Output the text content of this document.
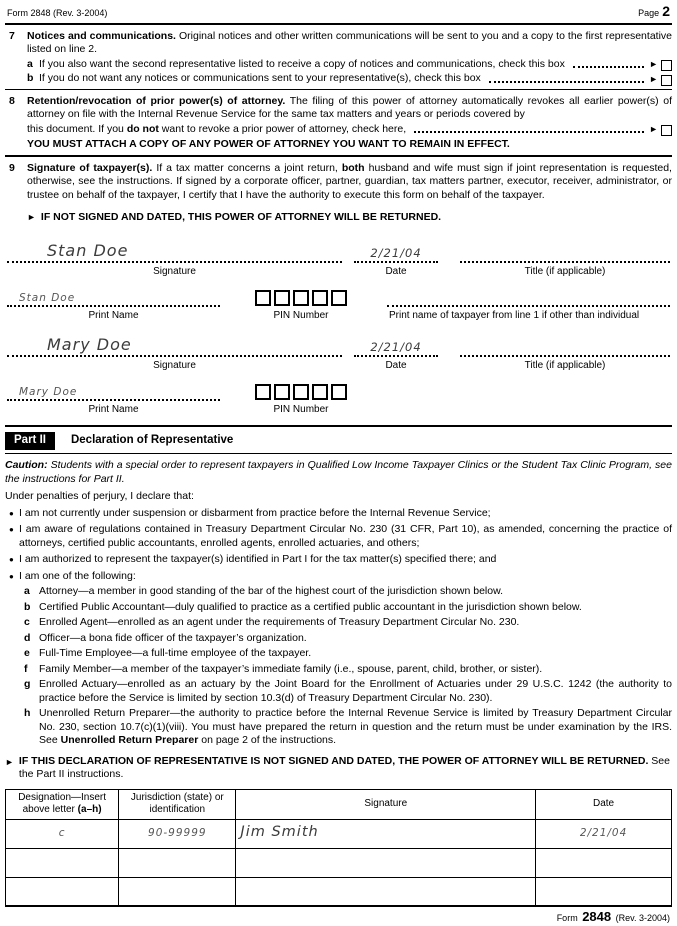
Form 2848 (Rev. 3-2004)	Page 2
7	Notices and communications. Original notices and other written communications will be sent to you and a copy to the first representative listed on line 2.
a If you also want the second representative listed to receive a copy of notices and communications, check this box	►
b If you do not want any notices or communications sent to your representative(s), check this box	►
8	Retention/revocation of prior power(s) of attorney. The filing of this power of attorney automatically revokes all earlier power(s) of attorney on file with the Internal Revenue Service for the same tax matters and years or periods covered by
this document. If you do not want to revoke a prior power of attorney, check here,	►
YOU MUST ATTACH A COPY OF ANY POWER OF ATTORNEY YOU WANT TO REMAIN IN EFFECT.
9	Signature of taxpayer(s). If a tax matter concerns a joint return, both husband and wife must sign if joint representation is requested, otherwise, see the instructions. If signed by a corporate officer, partner, guardian, tax matters partner, executor, receiver, administrator, or trustee on behalf of the taxpayer, I certify that I have the authority to execute this form on behalf of the taxpayer.
► IF NOT SIGNED AND DATED, THIS POWER OF ATTORNEY WILL BE RETURNED.
Stan Doe
Signature
2/21/04
Date	Title (if applicable)
Stan Doe
Print Name	PIN Number	Print name of taxpayer from line 1 if other than individual
Mary Doe
Signature
2/21/04
Date	Title (if applicable)
Mary Doe
Print Name	PIN Number
Part II	Declaration of Representative
Caution: Students with a special order to represent taxpayers in Qualified Low Income Taxpayer Clinics or the Student Tax Clinic Program, see the instructions for Part II.
Under penalties of perjury, I declare that:
● I am not currently under suspension or disbarment from practice before the Internal Revenue Service;
● I am aware of regulations contained in Treasury Department Circular No. 230 (31 CFR, Part 10), as amended, concerning the practice of attorneys, certified public accountants, enrolled agents, enrolled actuaries, and others;
● I am authorized to represent the taxpayer(s) identified in Part I for the tax matter(s) specified there; and
● I am one of the following:
a Attorney—a member in good standing of the bar of the highest court of the jurisdiction shown below.
b Certified Public Accountant—duly qualified to practice as a certified public accountant in the jurisdiction shown below.
c Enrolled Agent—enrolled as an agent under the requirements of Treasury Department Circular No. 230.
d Officer—a bona fide officer of the taxpayer’s organization.
e Full-Time Employee—a full-time employee of the taxpayer.
f	Family Member—a member of the taxpayer’s immediate family (i.e., spouse, parent, child, brother, or sister).
g Enrolled Actuary—enrolled as an actuary by the Joint Board for the Enrollment of Actuaries under 29 U.S.C. 1242 (the authority to practice before the Service is limited by section 10.3(d) of Treasury Department Circular No. 230).
h Unenrolled Return Preparer—the authority to practice before the Internal Revenue Service is limited by Treasury Department Circular No. 230, section 10.7(c)(1)(viii). You must have prepared the return in question and the return must be under examination by the IRS. See Unenrolled Return Preparer on page 2 of the instructions.
► IF THIS DECLARATION OF REPRESENTATIVE IS NOT SIGNED AND DATED, THE POWER OF ATTORNEY WILL BE RETURNED. See the Part II instructions.
Designation—Insert above letter (a–h)	Jurisdiction (state) or identification	Signature	Date
c	90-99999	Jim Smith	2/21/04

Form 2848 (Rev. 3-2004)
